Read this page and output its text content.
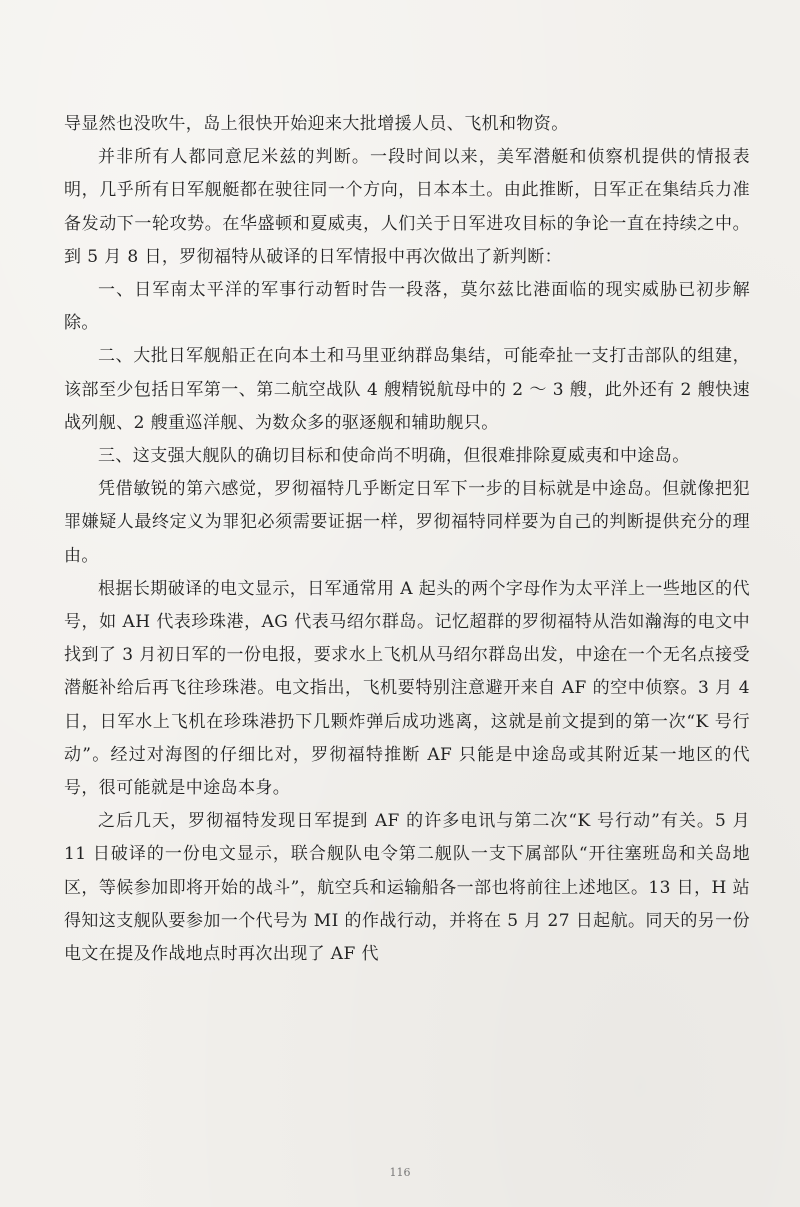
导显然也没吹牛，岛上很快开始迎来大批增援人员、飞机和物资。

并非所有人都同意尼米兹的判断。一段时间以来，美军潜艇和侦察机提供的情报表明，几乎所有日军舰艇都在驶往同一个方向，日本本土。由此推断，日军正在集结兵力准备发动下一轮攻势。在华盛顿和夏威夷，人们关于日军进攻目标的争论一直在持续之中。到 5 月 8 日，罗彻福特从破译的日军情报中再次做出了新判断：

一、日军南太平洋的军事行动暂时告一段落，莫尔兹比港面临的现实威胁已初步解除。

二、大批日军舰船正在向本土和马里亚纳群岛集结，可能牵扯一支打击部队的组建，该部至少包括日军第一、第二航空战队 4 艘精锐航母中的 2 ～ 3 艘，此外还有 2 艘快速战列舰、2 艘重巡洋舰、为数众多的驱逐舰和辅助舰只。

三、这支强大舰队的确切目标和使命尚不明确，但很难排除夏威夷和中途岛。

凭借敏锐的第六感觉，罗彻福特几乎断定日军下一步的目标就是中途岛。但就像把犯罪嫌疑人最终定义为罪犯必须需要证据一样，罗彻福特同样要为自己的判断提供充分的理由。

根据长期破译的电文显示，日军通常用 A 起头的两个字母作为太平洋上一些地区的代号，如 AH 代表珍珠港，AG 代表马绍尔群岛。记忆超群的罗彻福特从浩如瀚海的电文中找到了 3 月初日军的一份电报，要求水上飞机从马绍尔群岛出发，中途在一个无名点接受潜艇补给后再飞往珍珠港。电文指出，飞机要特别注意避开来自 AF 的空中侦察。3 月 4 日，日军水上飞机在珍珠港扔下几颗炸弹后成功逃离，这就是前文提到的第一次“K 号行动”。经过对海图的仔细比对，罗彻福特推断 AF 只能是中途岛或其附近某一地区的代号，很可能就是中途岛本身。

之后几天，罗彻福特发现日军提到 AF 的许多电讯与第二次“K 号行动”有关。5 月 11 日破译的一份电文显示，联合舰队电令第二舰队一支下属部队“开往塞班岛和关岛地区，等候参加即将开始的战斗”，航空兵和运输船各一部也将前往上述地区。13 日，H 站得知这支舰队要参加一个代号为 MI 的作战行动，并将在 5 月 27 日起航。同天的另一份电文在提及作战地点时再次出现了 AF 代

116
